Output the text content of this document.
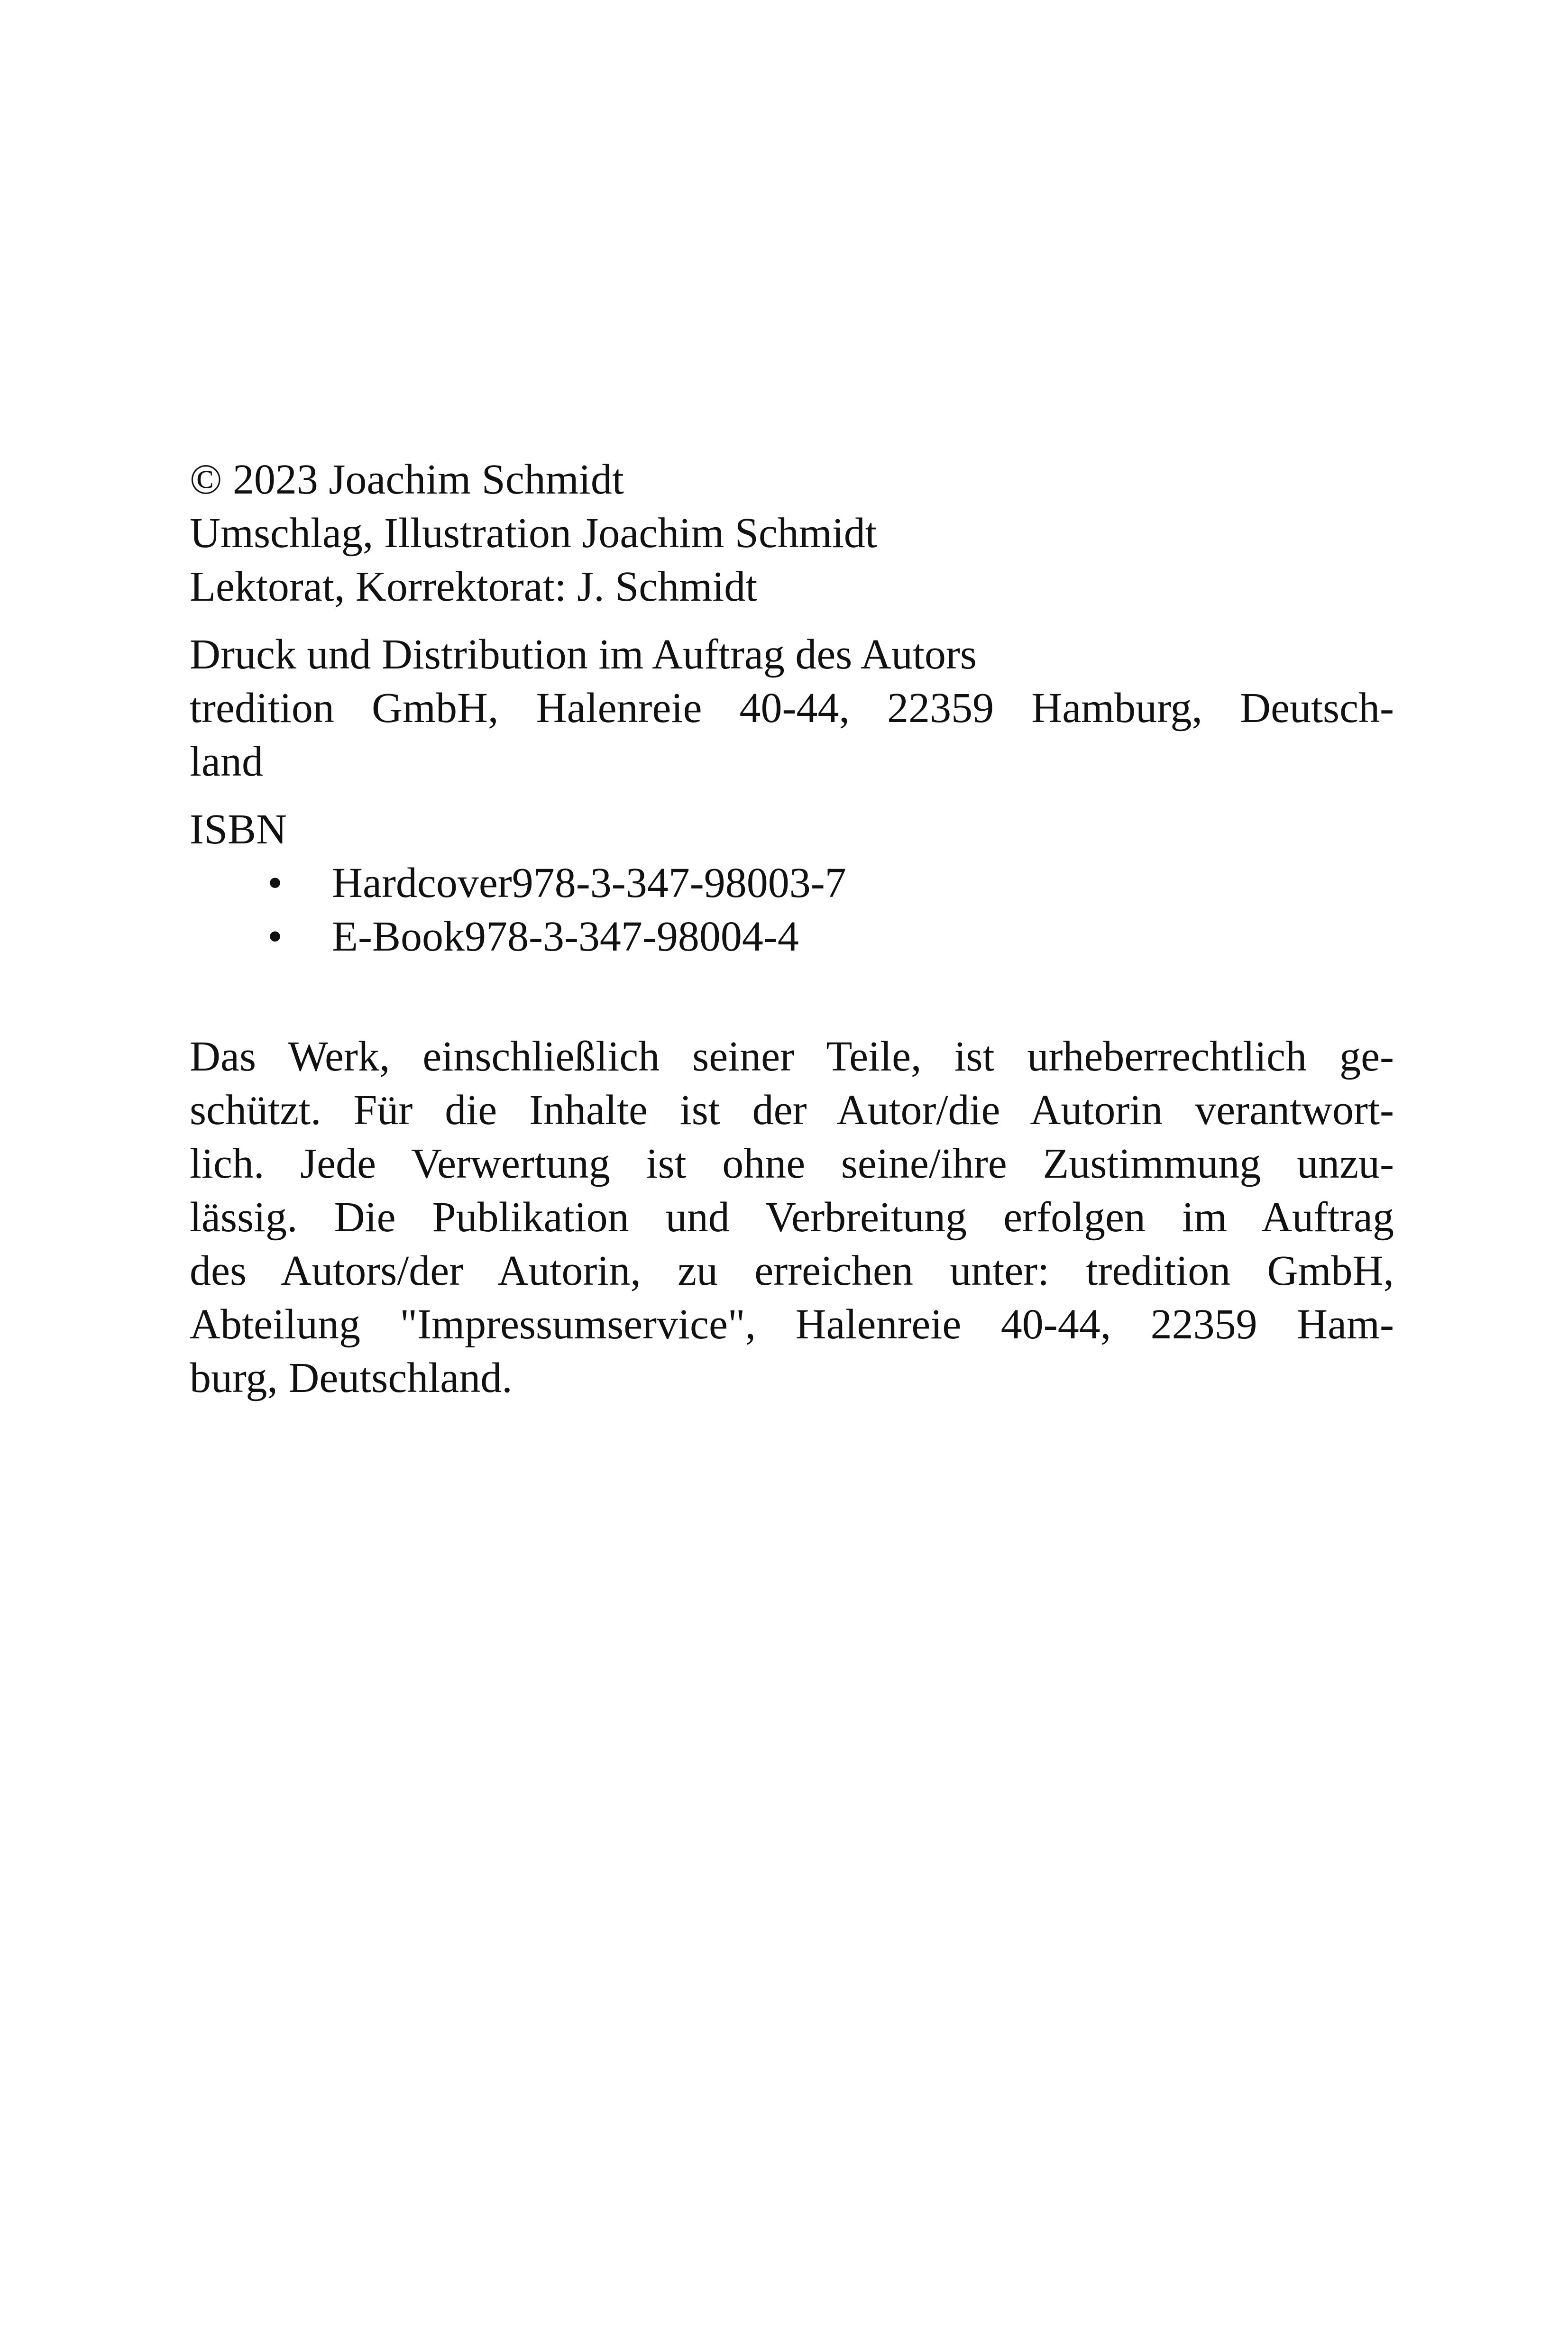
© 2023 Joachim Schmidt
Umschlag, Illustration Joachim Schmidt
Lektorat, Korrektorat: J. Schmidt
Druck und Distribution im Auftrag des Autors
tredition GmbH, Halenreie 40-44, 22359 Hamburg, Deutsch-
land
ISBN
•
Hardcover978-3-347-98003-7
•
E-Book978-3-347-98004-4
Das Werk, einschließlich seiner Teile, ist urheberrechtlich ge-
schützt. Für die Inhalte ist der Autor/die Autorin verantwort-
lich. Jede Verwertung ist ohne seine/ihre Zustimmung unzu-
lässig. Die Publikation und Verbreitung erfolgen im Auftrag
des Autors/der Autorin, zu erreichen unter: tredition GmbH,
Abteilung "Impressumservice", Halenreie 40-44, 22359 Ham-
burg, Deutschland.
